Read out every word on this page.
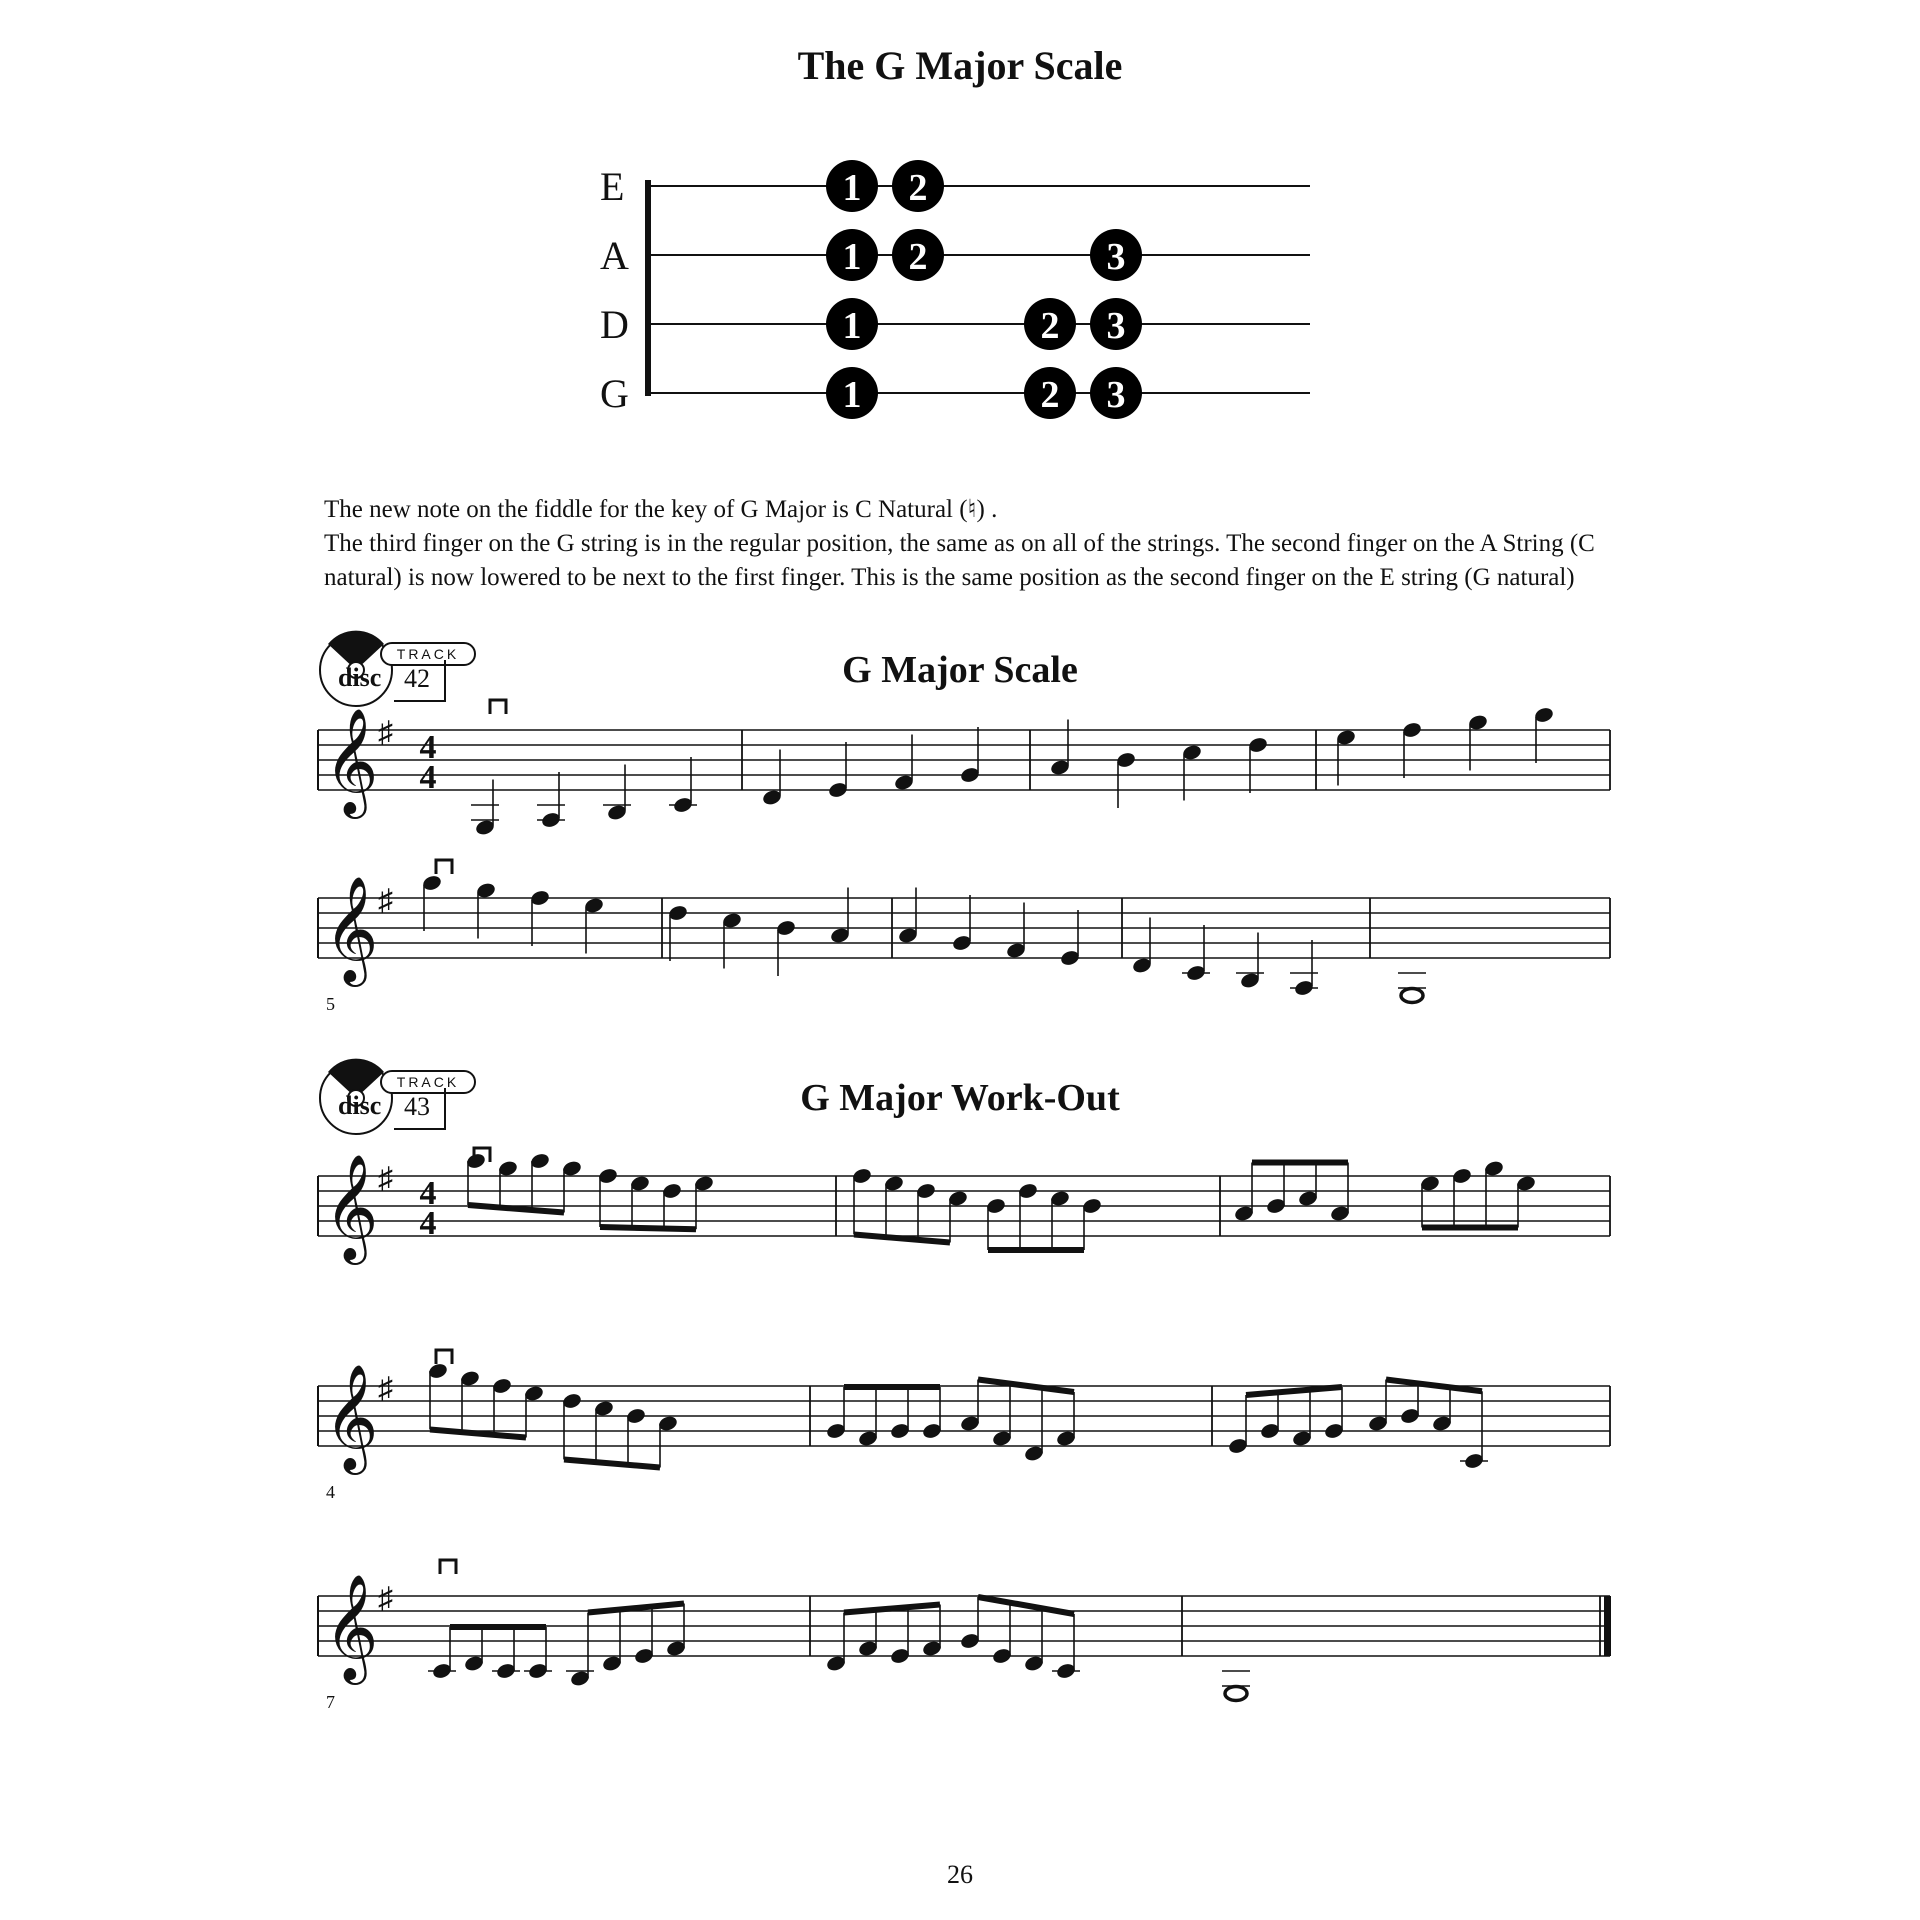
The G Major Scale
E	1 2
A	1 2	3
D	1	2 3
G	1	2 3

The new note on the fiddle for the key of G Major is C Natural (♮) .

The third finger on the G string is in the regular position, the same as on all of the strings. The second finger on the A String (C natural) is now lowered to be next to the first finger. This is the same position as the second finger on the E string (G natural)

disc
TRACK
42	G Major Scale
𝄞 ♯ 4
4
𝄞 ♯
5
disc
TRACK
43	G Major Work-Out
𝄞 ♯ 4
4
𝄞 ♯
4
𝄞 ♯
7
26
